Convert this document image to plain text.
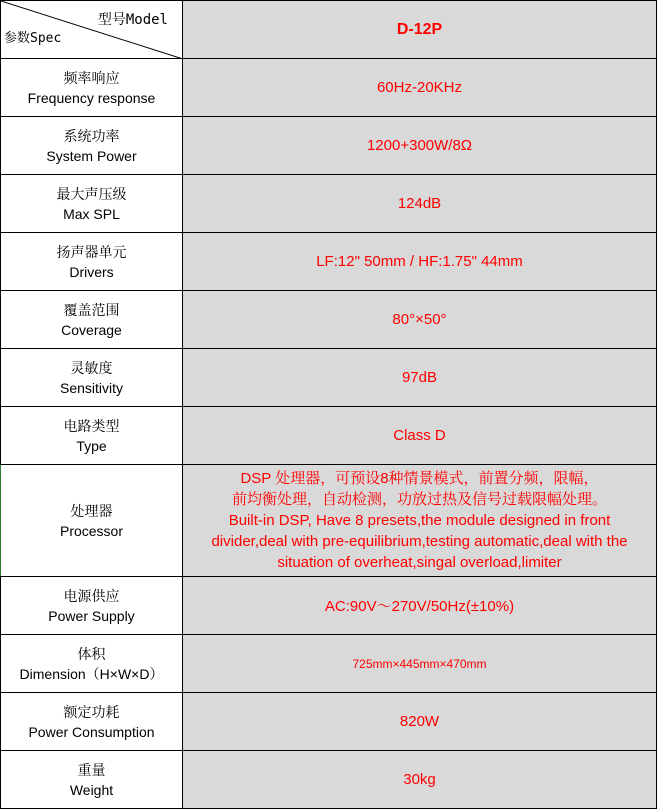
型号Model
参数Spec	D-12P

频率响应
Frequency response	60Hz-20KHz

系统功率
System Power	1200+300W/8Ω

最大声压级
Max SPL	124dB

扬声器单元
Drivers	LF:12" 50mm / HF:1.75" 44mm

覆盖范围
Coverage	80°×50°

灵敏度
Sensitivity	97dB

电路类型
Type	Class D

处理器
Processor	DSP 处理器，可预设8种情景模式，前置分频，限幅，
前均衡处理，自动检测，功放过热及信号过载限幅处理。
Built-in DSP, Have 8 presets,the module designed in front
divider,deal with pre-equilibrium,testing automatic,deal with the
situation of overheat,singal overload,limiter

电源供应
Power Supply	AC:90V～270V/50Hz(±10%)

体积
Dimension（H×W×D）	725mm×445mm×470mm

额定功耗
Power Consumption	820W

重量
Weight	30kg
